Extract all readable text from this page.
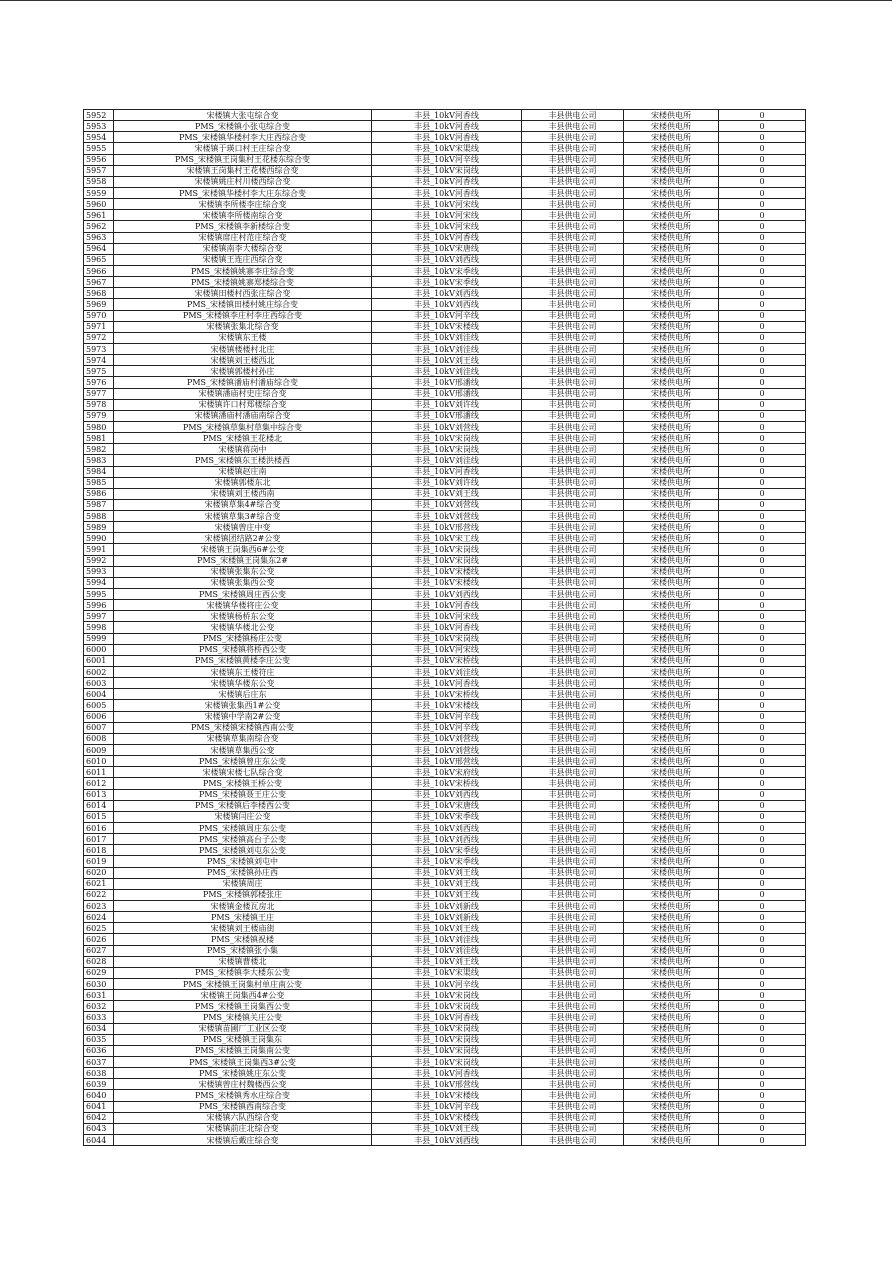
5952	宋楼镇大张屯综合变	丰县_10kV河香线	丰县供电公司	宋楼供电所	0
5953	PMS_宋楼镇小张屯综合变	丰县_10kV河香线	丰县供电公司	宋楼供电所	0
5954	PMS_宋楼镇华楼村李大庄西综合变	丰县_10kV河香线	丰县供电公司	宋楼供电所	0
5955	宋楼镇于瑛口村王庄综合变	丰县_10kV宋渠线	丰县供电公司	宋楼供电所	0
5956	PMS_宋楼镇王岗集村王花楼东综合变	丰县_10kV河辛线	丰县供电公司	宋楼供电所	0
5957	宋楼镇王岗集村王花楼西综合变	丰县_10kV宋岗线	丰县供电公司	宋楼供电所	0
5958	宋楼镇姚庄村川楼西综合变	丰县_10kV河香线	丰县供电公司	宋楼供电所	0
5959	PMS_宋楼镇华楼村李大庄东综合变	丰县_10kV河香线	丰县供电公司	宋楼供电所	0
5960	宋楼镇李所楼李庄综合变	丰县_10kV河宋线	丰县供电公司	宋楼供电所	0
5961	宋楼镇李所楼南综合变	丰县_10kV河宋线	丰县供电公司	宋楼供电所	0
5962	PMS_宋楼镇李新楼综合变	丰县_10kV河宋线	丰县供电公司	宋楼供电所	0
5963	宋楼镇席庄村范庄综合变	丰县_10kV河香线	丰县供电公司	宋楼供电所	0
5964	宋楼镇南李大楼综合变	丰县_10kV宋唐线	丰县供电公司	宋楼供电所	0
5965	宋楼镇王连庄西综合变	丰县_10kV刘西线	丰县供电公司	宋楼供电所	0
5966	PMS_宋楼镇姚寨李庄综合变	丰县_10kV宋季线	丰县供电公司	宋楼供电所	0
5967	PMS_宋楼镇姚寨郑楼综合变	丰县_10kV宋季线	丰县供电公司	宋楼供电所	0
5968	宋楼镇田楼村西张庄综合变	丰县_10kV刘西线	丰县供电公司	宋楼供电所	0
5969	PMS_宋楼镇田楼村姚庄综合变	丰县_10kV刘西线	丰县供电公司	宋楼供电所	0
5970	PMS_宋楼镇李庄村李庄西综合变	丰县_10kV河辛线	丰县供电公司	宋楼供电所	0
5971	宋楼镇张集北综合变	丰县_10kV宋楼线	丰县供电公司	宋楼供电所	0
5972	宋楼镇东王楼	丰县_10kV刘洼线	丰县供电公司	宋楼供电所	0
5973	宋楼镇楼楼村北庄	丰县_10kV刘洼线	丰县供电公司	宋楼供电所	0
5974	宋楼镇刘王楼西北	丰县_10kV刘王线	丰县供电公司	宋楼供电所	0
5975	宋楼镇郭楼村孙庄	丰县_10kV刘洼线	丰县供电公司	宋楼供电所	0
5976	PMS_宋楼镇潘庙村潘庙综合变	丰县_10kV邢潘线	丰县供电公司	宋楼供电所	0
5977	宋楼镇潘庙村史庄综合变	丰县_10kV邢潘线	丰县供电公司	宋楼供电所	0
5978	宋楼镇许口村郑楼综合变	丰县_10kV刘许线	丰县供电公司	宋楼供电所	0
5979	宋楼镇潘庙村潘庙南综合变	丰县_10kV邢潘线	丰县供电公司	宋楼供电所	0
5980	PMS_宋楼镇草集村草集中综合变	丰县_10kV刘营线	丰县供电公司	宋楼供电所	0
5981	PMS_宋楼镇王花楼北	丰县_10kV宋岗线	丰县供电公司	宋楼供电所	0
5982	宋楼镇蒋岗中	丰县_10kV宋岗线	丰县供电公司	宋楼供电所	0
5983	PMS_宋楼镇东王楼洪楼西	丰县_10kV刘洼线	丰县供电公司	宋楼供电所	0
5984	宋楼镇赵庄南	丰县_10kV河香线	丰县供电公司	宋楼供电所	0
5985	宋楼镇郭楼东北	丰县_10kV刘许线	丰县供电公司	宋楼供电所	0
5986	宋楼镇刘王楼西南	丰县_10kV刘王线	丰县供电公司	宋楼供电所	0
5987	宋楼镇草集4#综合变	丰县_10kV刘营线	丰县供电公司	宋楼供电所	0
5988	宋楼镇草集3#综合变	丰县_10kV刘营线	丰县供电公司	宋楼供电所	0
5989	宋楼镇曾庄中变	丰县_10kV邢营线	丰县供电公司	宋楼供电所	0
5990	宋楼镇团结路2#公变	丰县_10kV宋工线	丰县供电公司	宋楼供电所	0
5991	宋楼镇王岗集西6#公变	丰县_10kV宋岗线	丰县供电公司	宋楼供电所	0
5992	PMS_宋楼镇王岗集东2#	丰县_10kV宋岗线	丰县供电公司	宋楼供电所	0
5993	宋楼镇张集东公变	丰县_10kV宋楼线	丰县供电公司	宋楼供电所	0
5994	宋楼镇张集西公变	丰县_10kV宋楼线	丰县供电公司	宋楼供电所	0
5995	PMS_宋楼镇周庄西公变	丰县_10kV刘西线	丰县供电公司	宋楼供电所	0
5996	宋楼镇华楼将庄公变	丰县_10kV河香线	丰县供电公司	宋楼供电所	0
5997	宋楼镇杨桥东公变	丰县_10kV河宋线	丰县供电公司	宋楼供电所	0
5998	宋楼镇华楼北公变	丰县_10kV河香线	丰县供电公司	宋楼供电所	0
5999	PMS_宋楼镇杨庄公变	丰县_10kV宋岗线	丰县供电公司	宋楼供电所	0
6000	PMS_宋楼镇将桥西公变	丰县_10kV河宋线	丰县供电公司	宋楼供电所	0
6001	PMS_宋楼镇黄楼李庄公变	丰县_10kV宋桥线	丰县供电公司	宋楼供电所	0
6002	宋楼镇东王楼符庄	丰县_10kV刘洼线	丰县供电公司	宋楼供电所	0
6003	宋楼镇华楼东公变	丰县_10kV河香线	丰县供电公司	宋楼供电所	0
6004	宋楼镇后庄东	丰县_10kV宋桥线	丰县供电公司	宋楼供电所	0
6005	宋楼镇张集西1#公变	丰县_10kV宋楼线	丰县供电公司	宋楼供电所	0
6006	宋楼镇中学南2#公变	丰县_10kV河辛线	丰县供电公司	宋楼供电所	0
6007	PMS_宋楼镇宋楼镇西南公变	丰县_10kV河辛线	丰县供电公司	宋楼供电所	0
6008	宋楼镇草集南综合变	丰县_10kV刘营线	丰县供电公司	宋楼供电所	0
6009	宋楼镇草集西公变	丰县_10kV刘营线	丰县供电公司	宋楼供电所	0
6010	PMS_宋楼镇曾庄东公变	丰县_10kV邢营线	丰县供电公司	宋楼供电所	0
6011	宋楼镇宋楼七队综合变	丰县_10kV宋府线	丰县供电公司	宋楼供电所	0
6012	PMS_宋楼镇王桥公变	丰县_10kV宋桥线	丰县供电公司	宋楼供电所	0
6013	PMS_宋楼镇聂王庄公变	丰县_10kV刘西线	丰县供电公司	宋楼供电所	0
6014	PMS_宋楼镇后李楼西公变	丰县_10kV宋唐线	丰县供电公司	宋楼供电所	0
6015	宋楼镇闫庄公变	丰县_10kV宋季线	丰县供电公司	宋楼供电所	0
6016	PMS_宋楼镇周庄东公变	丰县_10kV刘西线	丰县供电公司	宋楼供电所	0
6017	PMS_宋楼镇高台子公变	丰县_10kV刘西线	丰县供电公司	宋楼供电所	0
6018	PMS_宋楼镇刘屯东公变	丰县_10kV宋季线	丰县供电公司	宋楼供电所	0
6019	PMS_宋楼镇刘屯中	丰县_10kV宋季线	丰县供电公司	宋楼供电所	0
6020	PMS_宋楼镇孙庄西	丰县_10kV刘王线	丰县供电公司	宋楼供电所	0
6021	宋楼镇周庄	丰县_10kV刘王线	丰县供电公司	宋楼供电所	0
6022	PMS_宋楼镇郭楼张庄	丰县_10kV刘王线	丰县供电公司	宋楼供电所	0
6023	宋楼镇金楼瓦房北	丰县_10kV刘新线	丰县供电公司	宋楼供电所	0
6024	PMS_宋楼镇王庄	丰县_10kV刘新线	丰县供电公司	宋楼供电所	0
6025	宋楼镇刘王楼庙街	丰县_10kV刘王线	丰县供电公司	宋楼供电所	0
6026	PMS_宋楼镇祝楼	丰县_10kV刘洼线	丰县供电公司	宋楼供电所	0
6027	PMS_宋楼镇张小集	丰县_10kV刘洼线	丰县供电公司	宋楼供电所	0
6028	宋楼镇曹楼北	丰县_10kV刘王线	丰县供电公司	宋楼供电所	0
6029	PMS_宋楼镇李大楼东公变	丰县_10kV宋渠线	丰县供电公司	宋楼供电所	0
6030	PMS_宋楼镇王岗集村单庄南公变	丰县_10kV河辛线	丰县供电公司	宋楼供电所	0
6031	宋楼镇王岗集西4#公变	丰县_10kV宋岗线	丰县供电公司	宋楼供电所	0
6032	PMS_宋楼镇王岗集西公变	丰县_10kV宋岗线	丰县供电公司	宋楼供电所	0
6033	PMS_宋楼镇关庄公变	丰县_10kV河香线	丰县供电公司	宋楼供电所	0
6034	宋楼镇苗圃厂工业区公变	丰县_10kV宋岗线	丰县供电公司	宋楼供电所	0
6035	PMS_宋楼镇王岗集东	丰县_10kV宋岗线	丰县供电公司	宋楼供电所	0
6036	PMS_宋楼镇王岗集南公变	丰县_10kV宋岗线	丰县供电公司	宋楼供电所	0
6037	PMS_宋楼镇王岗集西3#公变	丰县_10kV宋岗线	丰县供电公司	宋楼供电所	0
6038	PMS_宋楼镇姚庄东公变	丰县_10kV河香线	丰县供电公司	宋楼供电所	0
6039	宋楼镇曾庄村魏楼西公变	丰县_10kV邢营线	丰县供电公司	宋楼供电所	0
6040	PMS_宋楼镇秀水庄综合变	丰县_10kV宋楼线	丰县供电公司	宋楼供电所	0
6041	PMS_宋楼镇西南综合变	丰县_10kV河辛线	丰县供电公司	宋楼供电所	0
6042	宋楼镇六队西综合变	丰县_10kV宋楼线	丰县供电公司	宋楼供电所	0
6043	宋楼镇前庄北综合变	丰县_10kV刘王线	丰县供电公司	宋楼供电所	0
6044	宋楼镇后戴庄综合变	丰县_10kV刘西线	丰县供电公司	宋楼供电所	0
